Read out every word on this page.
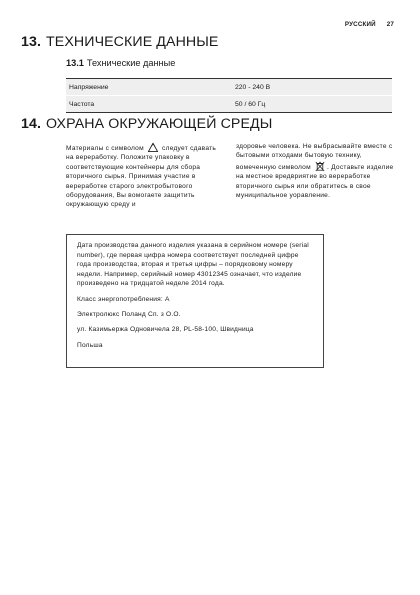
РУССКИЙ 27
13. ТЕХНИЧЕСКИЕ ДАННЫЕ
13.1 Технические данные
Напряжение	220 - 240 В
Частота	50 / 60 Гц
14. ОХРАНА ОКРУЖАЮЩЕЙ СРЕДЫ
Материалы с символом	следует сдавать на вереработку. Положите упаковку в соответствующие контейнеры для сбора вторичного сырья. Принимая участие в вереработке старого электробытового оборудования, Вы вомогаете защитить окружающую среду и
здоровье человека. Не выбрасывайте вместе с бытовыми отходами бытовую технику, вомеченную символом . Доставьте изделие на местное вредвриятие во вереработке вторичного сырья или обратитесь в свое муниципальное уоравление.
Дата производства данного изделия указана в серийном номере (serial number), где первая цифра номера соответствует последней цифре года производства, вторая и третья цифры – порядковому номеру недели. Например, серийный номер 43012345 означает, что изделие произведено на тридцатой неделе 2014 года.
Класс энергопотребления: А
Электролюкс Поланд Сп. з О.О.
ул. Казимьержа Одновичела 28, PL-58-100, Швидница
Польша
